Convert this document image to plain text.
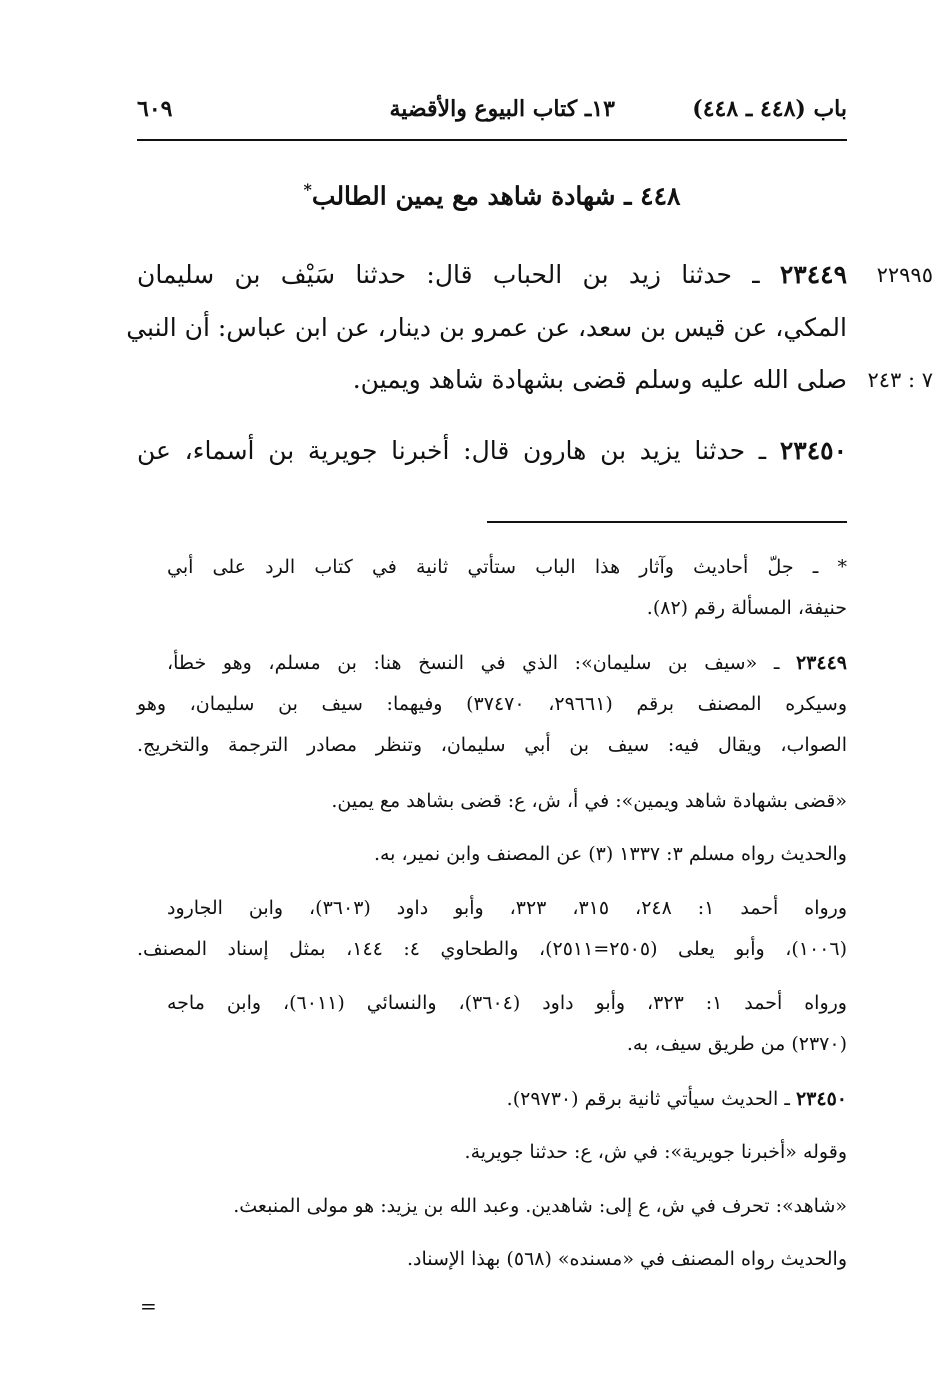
باب (٤٤٨ ـ ٤٤٨)
١٣ـ كتاب البيوع والأقضية
٦٠٩
٤٤٨ ـ شهادة شاهد مع يمين الطالب*
٢٣٤٤٩ ـ حدثنا زيد بن الحباب قال: حدثنا سَيْف بن سليمان
المكي، عن قيس بن سعد، عن عمرو بن دينار، عن ابن عباس: أن النبي
صلى الله عليه وسلم قضى بشهادة شاهد ويمين.
٢٢٩٩٥
٧ : ٢٤٣
٢٣٤٥٠ ـ حدثنا يزيد بن هارون قال: أخبرنا جويرية بن أسماء، عن
* ـ جلّ أحاديث وآثار هذا الباب ستأتي ثانية في كتاب الرد على أبي
حنيفة، المسألة رقم (٨٢).
٢٣٤٤٩ ـ «سيف بن سليمان»: الذي في النسخ هنا: بن مسلم، وهو خطأ،
وسيكره المصنف برقم (٢٩٦٦١، ٣٧٤٧٠) وفيهما: سيف بن سليمان، وهو
الصواب، ويقال فيه: سيف بن أبي سليمان، وتنظر مصادر الترجمة والتخريج.
«قضى بشهادة شاهد ويمين»: في أ، ش، ع: قضى بشاهد مع يمين.
والحديث رواه مسلم ٣: ١٣٣٧ (٣) عن المصنف وابن نمير، به.
ورواه أحمد ١: ٢٤٨، ٣١٥، ٣٢٣، وأبو داود (٣٦٠٣)، وابن الجارود
(١٠٠٦)، وأبو يعلى (٢٥٠٥=٢٥١١)، والطحاوي ٤: ١٤٤، بمثل إسناد المصنف.
ورواه أحمد ١: ٣٢٣، وأبو داود (٣٦٠٤)، والنسائي (٦٠١١)، وابن ماجه
(٢٣٧٠) من طريق سيف، به.
٢٣٤٥٠ ـ الحديث سيأتي ثانية برقم (٢٩٧٣٠).
وقوله «أخبرنا جويرية»: في ش، ع: حدثنا جويرية.
«شاهد»: تحرف في ش، ع إلى: شاهدين. وعبد الله بن يزيد: هو مولى المنبعث.
والحديث رواه المصنف في «مسنده» (٥٦٨) بهذا الإسناد.
=
